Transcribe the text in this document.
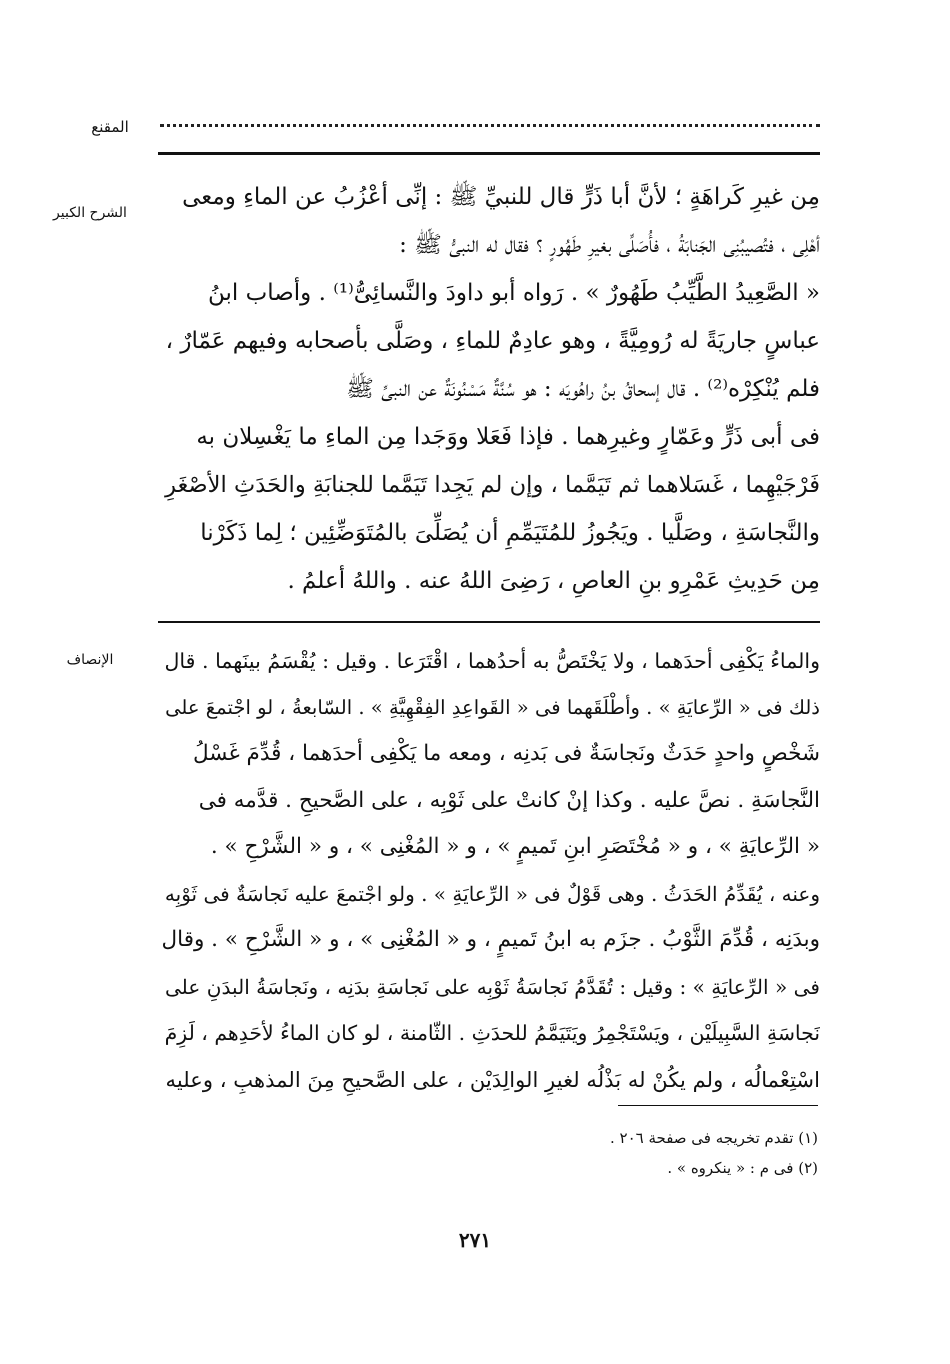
المقنع
الشرح الكبير
مِن غيرِ كَراهَةٍ ؛ لأنَّ أبا ذَرٍّ قال للنبيِّ ﷺ : إنِّى أعْزُبُ عن الماءِ ومعى
أهْلِى ، فتُصيبُنِى الجَنابَةُ ، فأُصَلِّى بغيرِ طَهُورٍ ؟ فقال له النبىُّ ﷺ :
« الصَّعِيدُ الطَّيِّبُ طَهُورٌ » . رَواه أبو داودَ والنَّسائِىُّ⁽¹⁾ . وأصاب ابنُ
عباسٍ جاريَةً له رُومِيَّةً ، وهو عادِمٌ للماءِ ، وصَلَّى بأصحابه وفيهم عَمّارٌ ،
فلم يُنْكِرْه⁽²⁾ . قال إسحاقُ بنُ راهُويَه : هو سُنَّةٌ مَسْنُونَةٌ عن النبىِّ ﷺ
فى أبى ذَرٍّ وعَمّارٍ وغيرِهما . فإذا فَعَلا ووَجَدا مِن الماءِ ما يَغْسِلان به
فَرْجَيْهِما ، غَسَلاهما ثم تَيَمَّما ، وإن لم يَجِدا تَيَمَّما للجنابَةِ والحَدَثِ الأصْغَرِ
والنَّجاسَةِ ، وصَلَّيا . ويَجُوزُ للمُتَيَمِّمِ أن يُصَلِّىَ بالمُتَوَضِّئِين ؛ لِما ذَكَرْنا
مِن حَدِيثِ عَمْرِو بنِ العاصِ ، رَضِىَ اللهُ عنه . واللهُ أعلمُ .
الإنصاف	والماءُ يَكْفِى أحدَهما ، ولا يَخْتَصُّ به أحدُهما ، اقْتَرَعا . وقيل : يُقْسَمُ بينَهما . قال
ذلك فى « الرِّعايَةِ » . وأطْلَقَهما فى « القَواعِدِ الفِقْهِيَّةِ » . السّابعةُ ، لو اجْتمعَ على
شَخْصٍ واحدٍ حَدَثٌ ونَجاسَةٌ فى بَدنِه ، ومعه ما يَكْفِى أحدَهما ، قُدِّمَ غَسْلُ
النَّجاسَةِ . نصَّ عليه . وكذا إنْ كانتْ على ثَوْبِه ، على الصَّحيحِ . قدَّمه فى
« الرِّعايَةِ » ، و « مُخْتَصَرِ ابنِ تَميمٍ » ، و « المُغْنِى » ، و « الشَّرْحِ » .
وعنه ، يُقَدِّمُ الحَدَثُ . وهى قَوْلٌ فى « الرِّعايَةِ » . ولو اجْتمعَ عليه نَجاسَةٌ فى ثَوْبِه
وبدَنِه ، قُدِّمَ الثَّوْبُ . جزَم به ابنُ تَميمٍ ، و « المُغْنِى » ، و « الشَّرْحِ » . وقال
فى « الرِّعايَةِ » : وقيل : تُقَدَّمُ نَجاسَةُ ثَوْبِه على نَجاسَةِ بدَنِه ، ونَجاسَةُ البدَنِ على
نَجاسَةِ السَّبِيلَيْن ، ويَسْتَجْمِرُ ويَتَيَمَّمُ للحدَثِ . الثّامنة ، لو كان الماءُ لأحَدِهم ، لَزِمَ
اسْتِعْمالُه ، ولم يكُنْ له بَذْلُه لغيرِ الوالِدَيْن ، على الصَّحيحِ مِنَ المذهبِ ، وعليه
(١) تقدم تخريجه فى صفحة ٢٠٦ .
(٢) فى م : « ينكروه » .
٢٧١
